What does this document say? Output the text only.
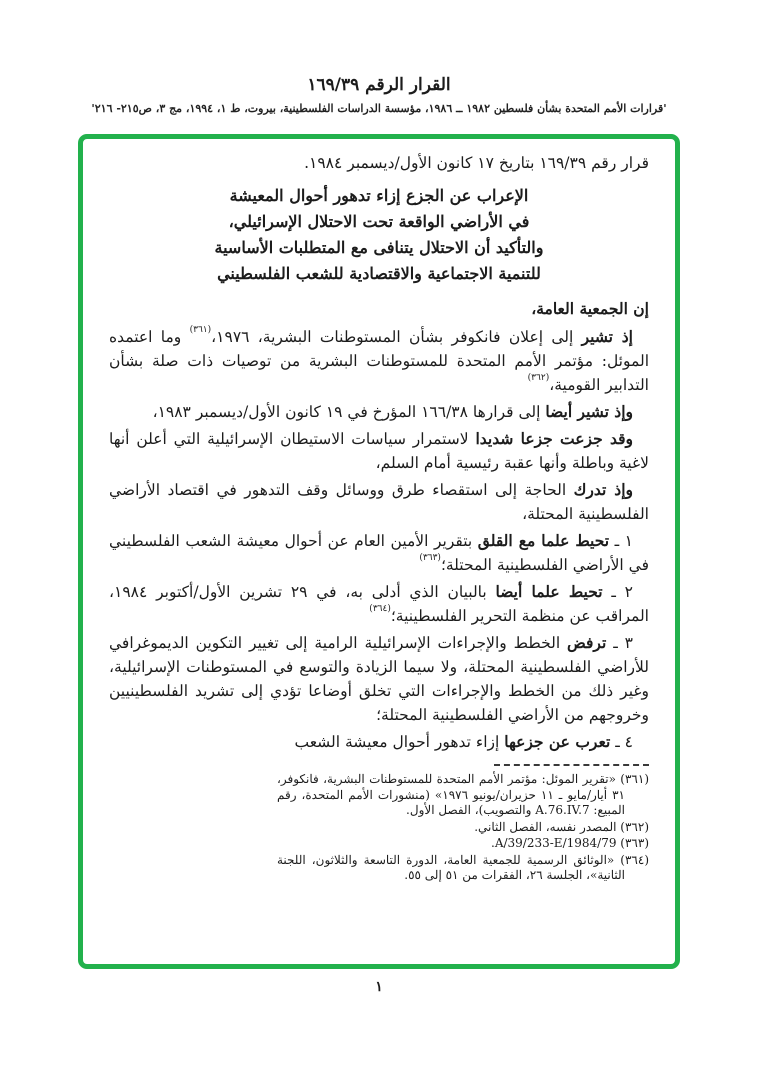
القرار الرقم ١٦٩/٣٩
'قرارات الأمم المتحدة بشأن فلسطين ١٩٨٢ ــ ١٩٨٦، مؤسسة الدراسات الفلسطينية، بيروت، ط ١، ١٩٩٤، مج ٣، ص٢١٥- ٢١٦'

قرار رقم ١٦٩/٣٩ بتاريخ ١٧ كانون الأول/ديسمبر ١٩٨٤.

الإعراب عن الجزع إزاء تدهور أحوال المعيشة
في الأراضي الواقعة تحت الاحتلال الإسرائيلي،
والتأكيد أن الاحتلال يتنافى مع المتطلبات الأساسية
للتنمية الاجتماعية والاقتصادية للشعب الفلسطيني

إن الجمعية العامة،

إذ تشير إلى إعلان فانكوفر بشأن المستوطنات البشرية، ١٩٧٦،$^{(٣٦١)}$ وما اعتمده الموئل: مؤتمر الأمم المتحدة للمستوطنات البشرية من توصيات ذات صلة بشأن التدابير القومية،$^{(٣٦٢)}$

وإذ تشير أيضا إلى قرارها ١٦٦/٣٨ المؤرخ في ١٩ كانون الأول/ديسمبر ١٩٨٣،

وقد جزعت جزعا شديدا لاستمرار سياسات الاستيطان الإسرائيلية التي أعلن أنها لاغية وباطلة وأنها عقبة رئيسية أمام السلم،

وإذ تدرك الحاجة إلى استقصاء طرق ووسائل وقف التدهور في اقتصاد الأراضي الفلسطينية المحتلة،

١ ـ تحيط علما مع القلق بتقرير الأمين العام عن أحوال معيشة الشعب الفلسطيني في الأراضي الفلسطينية المحتلة؛$^{(٣٦٣)}$

٢ ـ تحيط علما أيضا بالبيان الذي أدلى به، في ٢٩ تشرين الأول/أكتوبر ١٩٨٤، المراقب عن منظمة التحرير الفلسطينية؛$^{(٣٦٤)}$

٣ ـ ترفض الخطط والإجراءات الإسرائيلية الرامية إلى تغيير التكوين الديموغرافي للأراضي الفلسطينية المحتلة، ولا سيما الزيادة والتوسع في المستوطنات الإسرائيلية، وغير ذلك من الخطط والإجراءات التي تخلق أوضاعا تؤدي إلى تشريد الفلسطينيين وخروجهم من الأراضي الفلسطينية المحتلة؛

٤ ـ تعرب عن جزعها إزاء تدهور أحوال معيشة الشعب

(٣٦١) «تقرير الموئل: مؤتمر الأمم المتحدة للمستوطنات البشرية، فانكوفر، ٣١ أيار/مايو ـ ١١ حزيران/يونيو ١٩٧٦» (منشورات الأمم المتحدة، رقم المبيع: A.76.IV.7 والتصويب)، الفصل الأول.

(٣٦٢) المصدر نفسه، الفصل الثاني.

(٣٦٣) A/39/233-E/1984/79.

(٣٦٤) «الوثائق الرسمية للجمعية العامة، الدورة التاسعة والثلاثون، اللجنة الثانية»، الجلسة ٢٦، الفقرات من ٥١ إلى ٥٥.

١
